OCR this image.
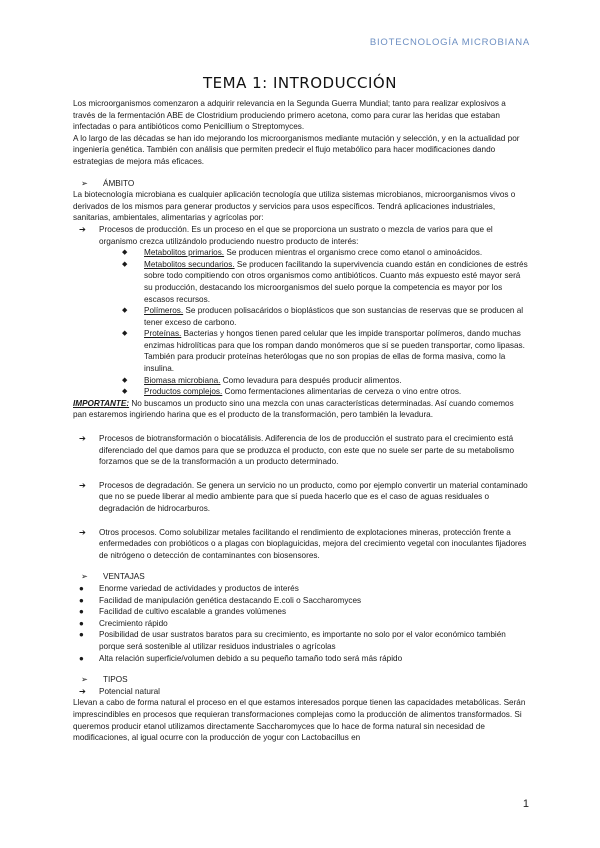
BIOTECNOLOGÍA MICROBIANA
TEMA 1: INTRODUCCIÓN

Los microorganismos comenzaron a adquirir relevancia en la Segunda Guerra Mundial; tanto para realizar explosivos a través de la fermentación ABE de Clostridium produciendo primero acetona, como para curar las heridas que estaban infectadas o para antibióticos como Penicillium o Streptomyces.

A lo largo de las décadas se han ido mejorando los microorganismos mediante mutación y selección, y en la actualidad por ingeniería genética. También con análisis que permiten predecir el flujo metabólico para hacer modificaciones dando estrategias de mejora más eficaces.

➢	ÁMBITO

La biotecnología microbiana es cualquier aplicación tecnología que utiliza sistemas microbianos, microorganismos vivos o derivados de los mismos para generar productos y servicios para usos específicos. Tendrá aplicaciones industriales, sanitarias, ambientales, alimentarias y agrícolas por:

➔	Procesos de producción. Es un proceso en el que se proporciona un sustrato o mezcla de varios para que el organismo crezca utilizándolo produciendo nuestro producto de interés:
◆	Metabolitos primarios. Se producen mientras el organismo crece como etanol o aminoácidos.
◆	Metabolitos secundarios. Se producen facilitando la supervivencia cuando están en condiciones de estrés sobre todo compitiendo con otros organismos como antibióticos. Cuanto más expuesto esté mayor será su producción, destacando los microorganismos del suelo porque la competencia es mayor por los escasos recursos.
◆	Polímeros. Se producen polisacáridos o bioplásticos que son sustancias de reservas que se producen al tener exceso de carbono.
◆	Proteínas. Bacterias y hongos tienen pared celular que les impide transportar polímeros, dando muchas enzimas hidrolíticas para que los rompan dando monómeros que sí se pueden transportar, como lipasas. También para producir proteínas heterólogas que no son propias de ellas de forma masiva, como la insulina.
◆	Biomasa microbiana. Como levadura para después producir alimentos.
◆	Productos complejos. Como fermentaciones alimentarias de cerveza o vino entre otros.

IMPORTANTE: No buscamos un producto sino una mezcla con unas características determinadas. Así cuando comemos pan estaremos ingiriendo harina que es el producto de la transformación, pero también la levadura.

➔	Procesos de biotransformación o biocatálisis. Adiferencia de los de producción el sustrato para el crecimiento está diferenciado del que damos para que se produzca el producto, con este que no suele ser parte de su metabolismo forzamos que se de la transformación a un producto determinado.
➔	Procesos de degradación. Se genera un servicio no un producto, como por ejemplo convertir un material contaminado que no se puede liberar al medio ambiente para que sí pueda hacerlo que es el caso de aguas residuales o degradación de hidrocarburos.
➔	Otros procesos. Como solubilizar metales facilitando el rendimiento de explotaciones mineras, protección frente a enfermedades con probióticos o a plagas con bioplaguicidas, mejora del crecimiento vegetal con inoculantes fijadores de nitrógeno o detección de contaminantes con biosensores.
➢	VENTAJAS
●	Enorme variedad de actividades y productos de interés
●	Facilidad de manipulación genética destacando E.coli o Saccharomyces
●	Facilidad de cultivo escalable a grandes volúmenes
●	Crecimiento rápido
●	Posibilidad de usar sustratos baratos para su crecimiento, es importante no solo por el valor económico también porque será sostenible al utilizar residuos industriales o agrícolas
●	Alta relación superficie/volumen debido a su pequeño tamaño todo será más rápido
➢	TIPOS
➔	Potencial natural

Llevan a cabo de forma natural el proceso en el que estamos interesados porque tienen las capacidades metabólicas. Serán imprescindibles en procesos que requieran transformaciones complejas como la producción de alimentos transformados. Si queremos producir etanol utilizamos directamente Saccharomyces que lo hace de forma natural sin necesidad de modificaciones, al igual ocurre con la producción de yogur con Lactobacillus en

1
